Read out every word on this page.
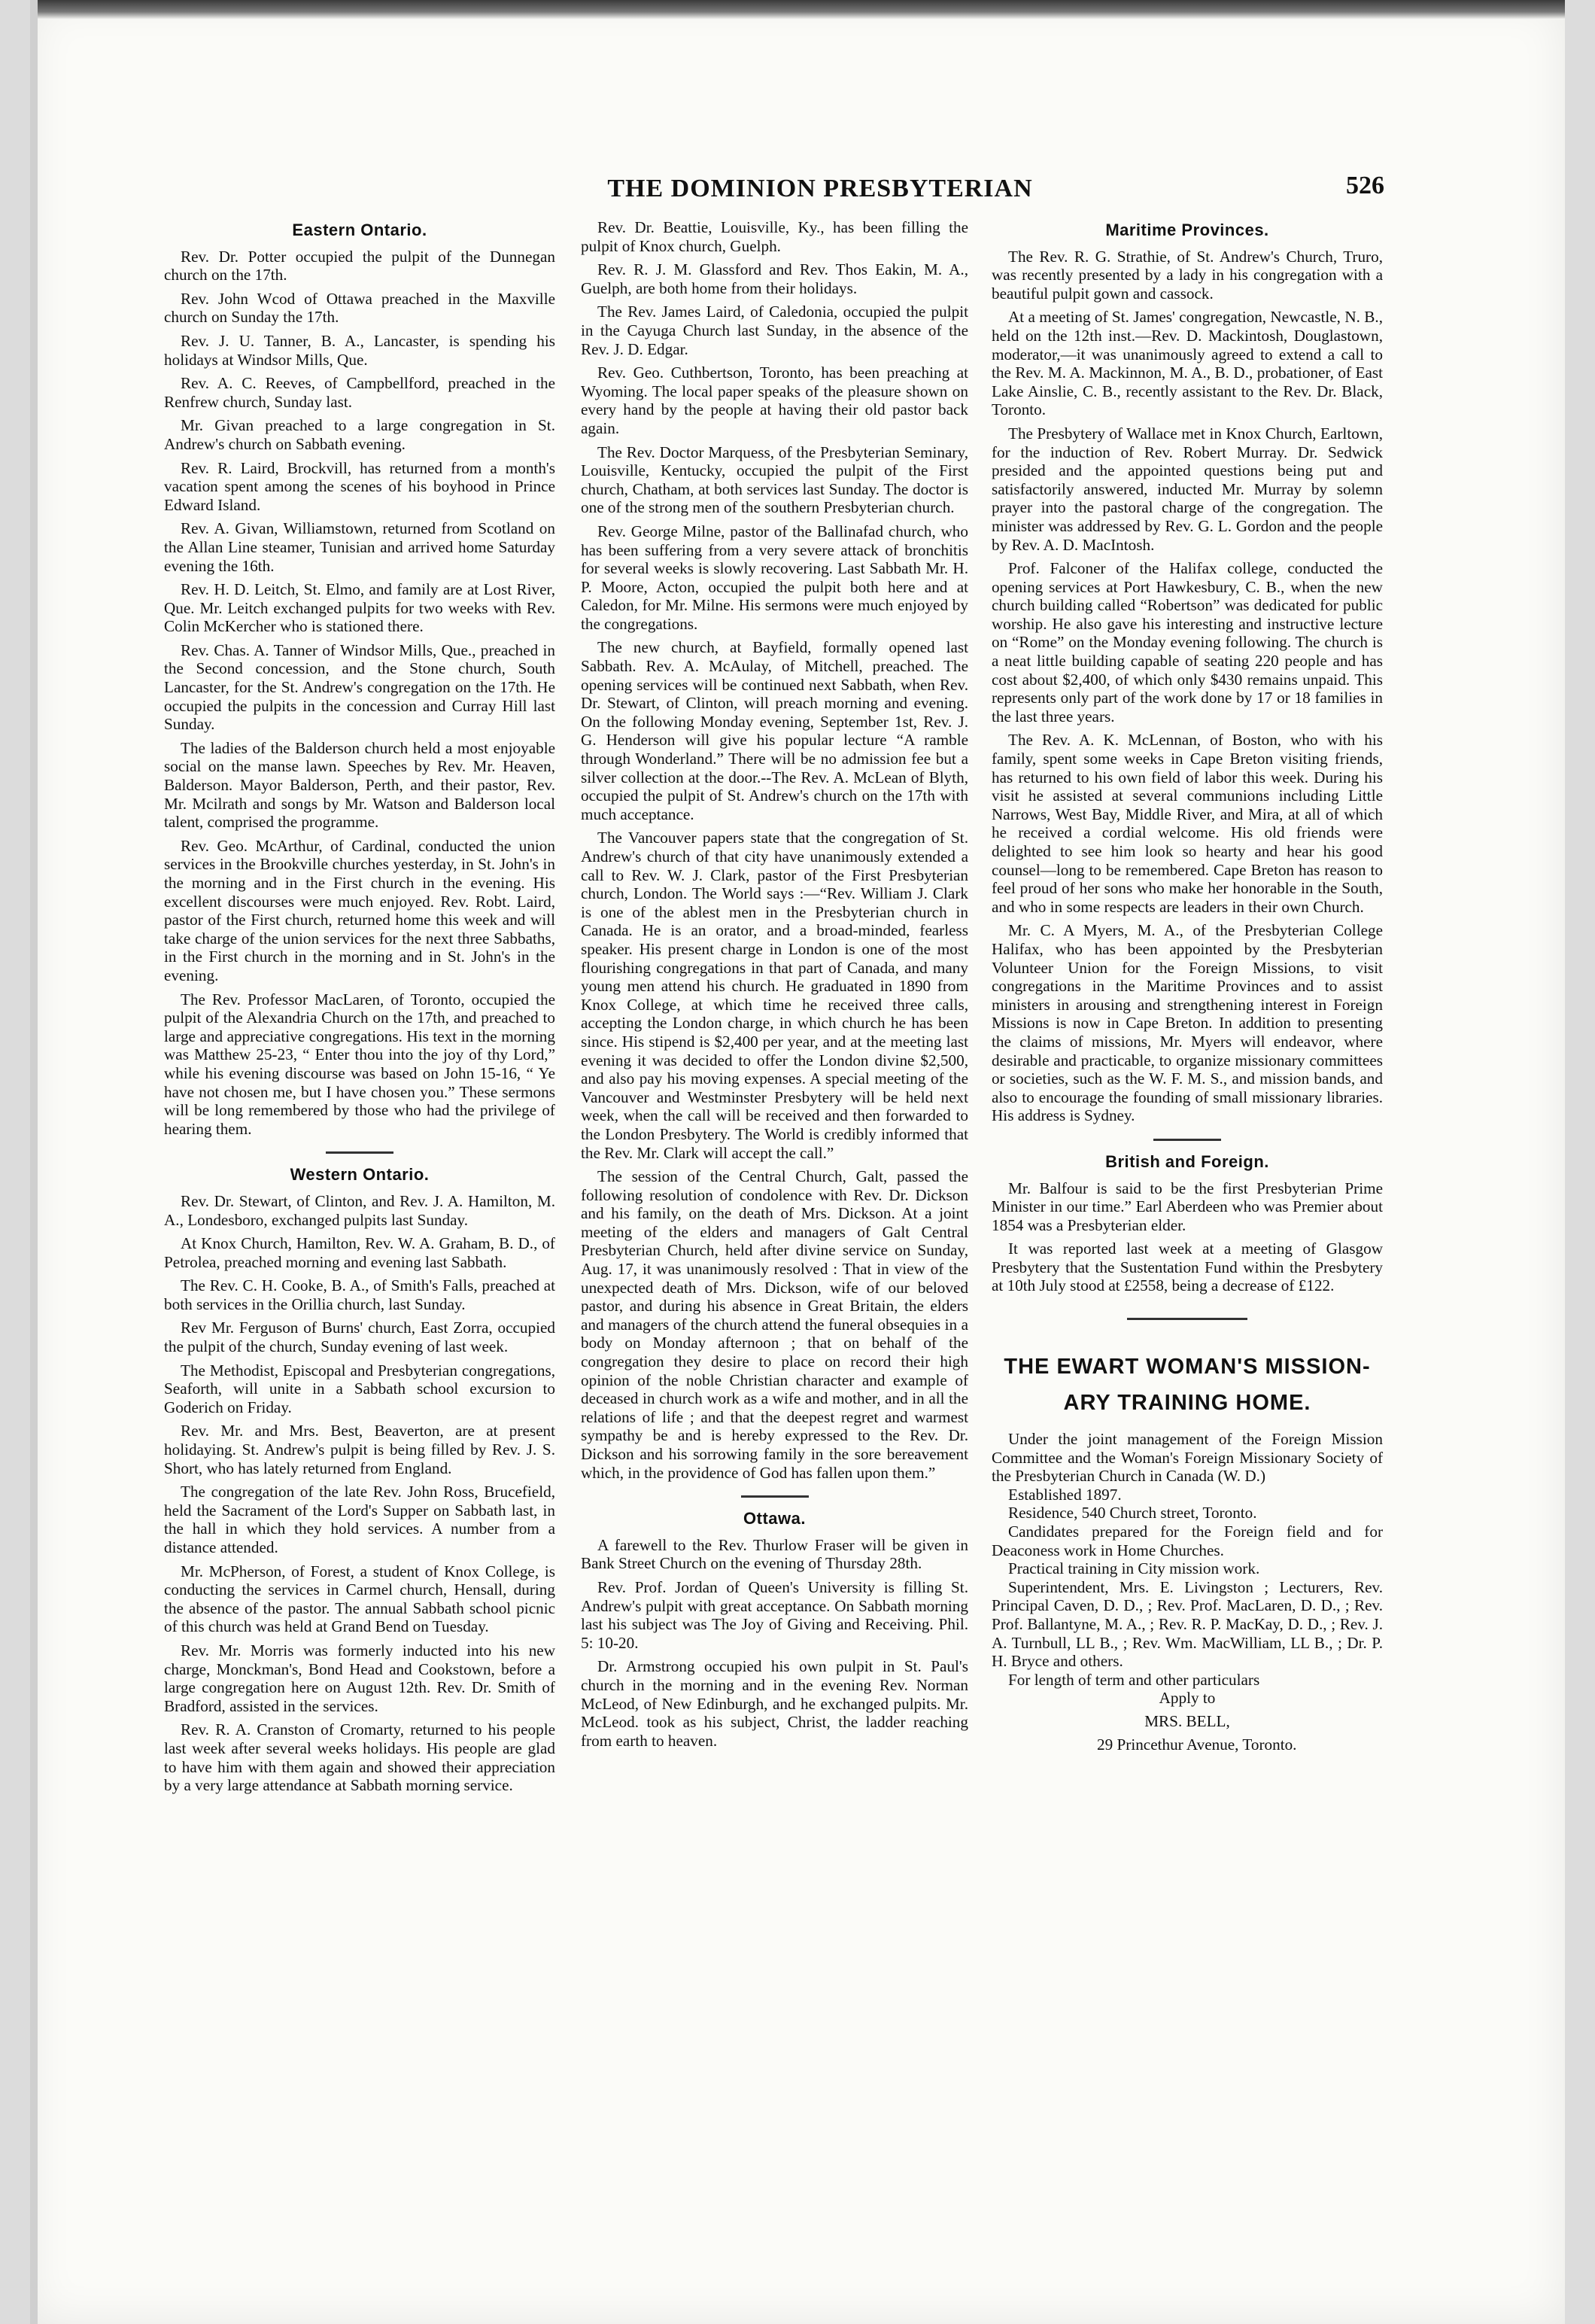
THE DOMINION PRESBYTERIAN	526
Eastern Ontario.

Rev. Dr. Potter occupied the pulpit of the Dunnegan church on the 17th.

Rev. John Wcod of Ottawa preached in the Maxville church on Sunday the 17th.

Rev. J. U. Tanner, B. A., Lancaster, is spending his holidays at Windsor Mills, Que.

Rev. A. C. Reeves, of Campbellford, preached in the Renfrew church, Sunday last.

Mr. Givan preached to a large congregation in St. Andrew's church on Sabbath evening.

Rev. R. Laird, Brockvill, has returned from a month's vacation spent among the scenes of his boyhood in Prince Edward Island.

Rev. A. Givan, Williamstown, returned from Scotland on the Allan Line steamer, Tunisian and arrived home Saturday evening the 16th.

Rev. H. D. Leitch, St. Elmo, and family are at Lost River, Que. Mr. Leitch exchanged pulpits for two weeks with Rev. Colin McKercher who is stationed there.

Rev. Chas. A. Tanner of Windsor Mills, Que., preached in the Second concession, and the Stone church, South Lancaster, for the St. Andrew's congregation on the 17th. He occupied the pulpits in the concession and Curray Hill last Sunday.

The ladies of the Balderson church held a most enjoyable social on the manse lawn. Speeches by Rev. Mr. Heaven, Balderson. Mayor Balderson, Perth, and their pastor, Rev. Mr. Mcilrath and songs by Mr. Watson and Balderson local talent, comprised the programme.

Rev. Geo. McArthur, of Cardinal, conducted the union services in the Brookville churches yesterday, in St. John's in the morning and in the First church in the evening. His excellent discourses were much enjoyed. Rev. Robt. Laird, pastor of the First church, returned home this week and will take charge of the union services for the next three Sabbaths, in the First church in the morning and in St. John's in the evening.

The Rev. Professor MacLaren, of Toronto, occupied the pulpit of the Alexandria Church on the 17th, and preached to large and appreciative congregations. His text in the morning was Matthew 25-23, “ Enter thou into the joy of thy Lord,” while his evening discourse was based on John 15-16, “ Ye have not chosen me, but I have chosen you.” These sermons will be long remembered by those who had the privilege of hearing them.

Western Ontario.

Rev. Dr. Stewart, of Clinton, and Rev. J. A. Hamilton, M. A., Londesboro, exchanged pulpits last Sunday.

At Knox Church, Hamilton, Rev. W. A. Graham, B. D., of Petrolea, preached morning and evening last Sabbath.

The Rev. C. H. Cooke, B. A., of Smith's Falls, preached at both services in the Orillia church, last Sunday.

Rev Mr. Ferguson of Burns' church, East Zorra, occupied the pulpit of the church, Sunday evening of last week.

The Methodist, Episcopal and Presbyterian congregations, Seaforth, will unite in a Sabbath school excursion to Goderich on Friday.

Rev. Mr. and Mrs. Best, Beaverton, are at present holidaying. St. Andrew's pulpit is being filled by Rev. J. S. Short, who has lately returned from England.

The congregation of the late Rev. John Ross, Brucefield, held the Sacrament of the Lord's Supper on Sabbath last, in the hall in which they hold services. A number from a distance attended.

Mr. McPherson, of Forest, a student of Knox College, is conducting the services in Carmel church, Hensall, during the absence of the pastor. The annual Sabbath school picnic of this church was held at Grand Bend on Tuesday.

Rev. Mr. Morris was formerly inducted into his new charge, Monckman's, Bond Head and Cookstown, before a large congregation here on August 12th. Rev. Dr. Smith of Bradford, assisted in the services.

Rev. R. A. Cranston of Cromarty, returned to his people last week after several weeks holidays. His people are glad to have him with them again and showed their appreciation by a very large attendance at Sabbath morning service.

Rev. Dr. Beattie, Louisville, Ky., has been filling the pulpit of Knox church, Guelph.

Rev. R. J. M. Glassford and Rev. Thos Eakin, M. A., Guelph, are both home from their holidays.

The Rev. James Laird, of Caledonia, occupied the pulpit in the Cayuga Church last Sunday, in the absence of the Rev. J. D. Edgar.

Rev. Geo. Cuthbertson, Toronto, has been preaching at Wyoming. The local paper speaks of the pleasure shown on every hand by the people at having their old pastor back again.

The Rev. Doctor Marquess, of the Presbyterian Seminary, Louisville, Kentucky, occupied the pulpit of the First church, Chatham, at both services last Sunday. The doctor is one of the strong men of the southern Presbyterian church.

Rev. George Milne, pastor of the Ballinafad church, who has been suffering from a very severe attack of bronchitis for several weeks is slowly recovering. Last Sabbath Mr. H. P. Moore, Acton, occupied the pulpit both here and at Caledon, for Mr. Milne. His sermons were much enjoyed by the congregations.

The new church, at Bayfield, formally opened last Sabbath. Rev. A. McAulay, of Mitchell, preached. The opening services will be continued next Sabbath, when Rev. Dr. Stewart, of Clinton, will preach morning and evening. On the following Monday evening, September 1st, Rev. J. G. Henderson will give his popular lecture “A ramble through Wonderland.” There will be no admission fee but a silver collection at the door.--The Rev. A. McLean of Blyth, occupied the pulpit of St. Andrew's church on the 17th with much acceptance.

The Vancouver papers state that the congregation of St. Andrew's church of that city have unanimously extended a call to Rev. W. J. Clark, pastor of the First Presbyterian church, London. The World says :—“Rev. William J. Clark is one of the ablest men in the Presbyterian church in Canada. He is an orator, and a broad-minded, fearless speaker. His present charge in London is one of the most flourishing congregations in that part of Canada, and many young men attend his church. He graduated in 1890 from Knox College, at which time he received three calls, accepting the London charge, in which church he has been since. His stipend is $2,400 per year, and at the meeting last evening it was decided to offer the London divine $2,500, and also pay his moving expenses. A special meeting of the Vancouver and Westminster Presbytery will be held next week, when the call will be received and then forwarded to the London Presbytery. The World is credibly informed that the Rev. Mr. Clark will accept the call.”

The session of the Central Church, Galt, passed the following resolution of condolence with Rev. Dr. Dickson and his family, on the death of Mrs. Dickson. At a joint meeting of the elders and managers of Galt Central Presbyterian Church, held after divine service on Sunday, Aug. 17, it was unanimously resolved : That in view of the unexpected death of Mrs. Dickson, wife of our beloved pastor, and during his absence in Great Britain, the elders and managers of the church attend the funeral obsequies in a body on Monday afternoon ; that on behalf of the congregation they desire to place on record their high opinion of the noble Christian character and example of deceased in church work as a wife and mother, and in all the relations of life ; and that the deepest regret and warmest sympathy be and is hereby expressed to the Rev. Dr. Dickson and his sorrowing family in the sore bereavement which, in the providence of God has fallen upon them.”

Ottawa.

A farewell to the Rev. Thurlow Fraser will be given in Bank Street Church on the evening of Thursday 28th.

Rev. Prof. Jordan of Queen's University is filling St. Andrew's pulpit with great acceptance. On Sabbath morning last his subject was The Joy of Giving and Receiving. Phil. 5: 10-20.

Dr. Armstrong occupied his own pulpit in St. Paul's church in the morning and in the evening Rev. Norman McLeod, of New Edinburgh, and he exchanged pulpits. Mr. McLeod. took as his subject, Christ, the ladder reaching from earth to heaven.

Maritime Provinces.

The Rev. R. G. Strathie, of St. Andrew's Church, Truro, was recently presented by a lady in his congregation with a beautiful pulpit gown and cassock.

At a meeting of St. James' congregation, Newcastle, N. B., held on the 12th inst.—Rev. D. Mackintosh, Douglastown, moderator,—it was unanimously agreed to extend a call to the Rev. M. A. Mackinnon, M. A., B. D., probationer, of East Lake Ainslie, C. B., recently assistant to the Rev. Dr. Black, Toronto.

The Presbytery of Wallace met in Knox Church, Earltown, for the induction of Rev. Robert Murray. Dr. Sedwick presided and the appointed questions being put and satisfactorily answered, inducted Mr. Murray by solemn prayer into the pastoral charge of the congregation. The minister was addressed by Rev. G. L. Gordon and the people by Rev. A. D. MacIntosh.

Prof. Falconer of the Halifax college, conducted the opening services at Port Hawkesbury, C. B., when the new church building called “Robertson” was dedicated for public worship. He also gave his interesting and instructive lecture on “Rome” on the Monday evening following. The church is a neat little building capable of seating 220 people and has cost about $2,400, of which only $430 remains unpaid. This represents only part of the work done by 17 or 18 families in the last three years.

The Rev. A. K. McLennan, of Boston, who with his family, spent some weeks in Cape Breton visiting friends, has returned to his own field of labor this week. During his visit he assisted at several communions including Little Narrows, West Bay, Middle River, and Mira, at all of which he received a cordial welcome. His old friends were delighted to see him look so hearty and hear his good counsel—long to be remembered. Cape Breton has reason to feel proud of her sons who make her honorable in the South, and who in some respects are leaders in their own Church.

Mr. C. A Myers, M. A., of the Presbyterian College Halifax, who has been appointed by the Presbyterian Volunteer Union for the Foreign Missions, to visit congregations in the Maritime Provinces and to assist ministers in arousing and strengthening interest in Foreign Missions is now in Cape Breton. In addition to presenting the claims of missions, Mr. Myers will endeavor, where desirable and practicable, to organize missionary committees or societies, such as the W. F. M. S., and mission bands, and also to encourage the founding of small missionary libraries. His address is Sydney.

British and Foreign.

Mr. Balfour is said to be the first Presbyterian Prime Minister in our time.” Earl Aberdeen who was Premier about 1854 was a Presbyterian elder.

It was reported last week at a meeting of Glasgow Presbytery that the Sustentation Fund within the Presbytery at 10th July stood at £2558, being a decrease of £122.

THE EWART WOMAN'S MISSION-
ARY TRAINING HOME.

Under the joint management of the Foreign Mission Committee and the Woman's Foreign Missionary Society of the Presbyterian Church in Canada (W. D.)

Established 1897.

Residence, 540 Church street, Toronto.

Candidates prepared for the Foreign field and for Deaconess work in Home Churches.

Practical training in City mission work.

Superintendent, Mrs. E. Livingston ; Lecturers, Rev. Principal Caven, D. D., ; Rev. Prof. MacLaren, D. D., ; Rev. Prof. Ballantyne, M. A., ; Rev. R. P. MacKay, D. D., ; Rev. J. A. Turnbull, LL B., ; Rev. Wm. MacWilliam, LL B., ; Dr. P. H. Bryce and others.

For length of term and other particulars

Apply to

MRS. BELL,

29 Princethur Avenue, Toronto.
